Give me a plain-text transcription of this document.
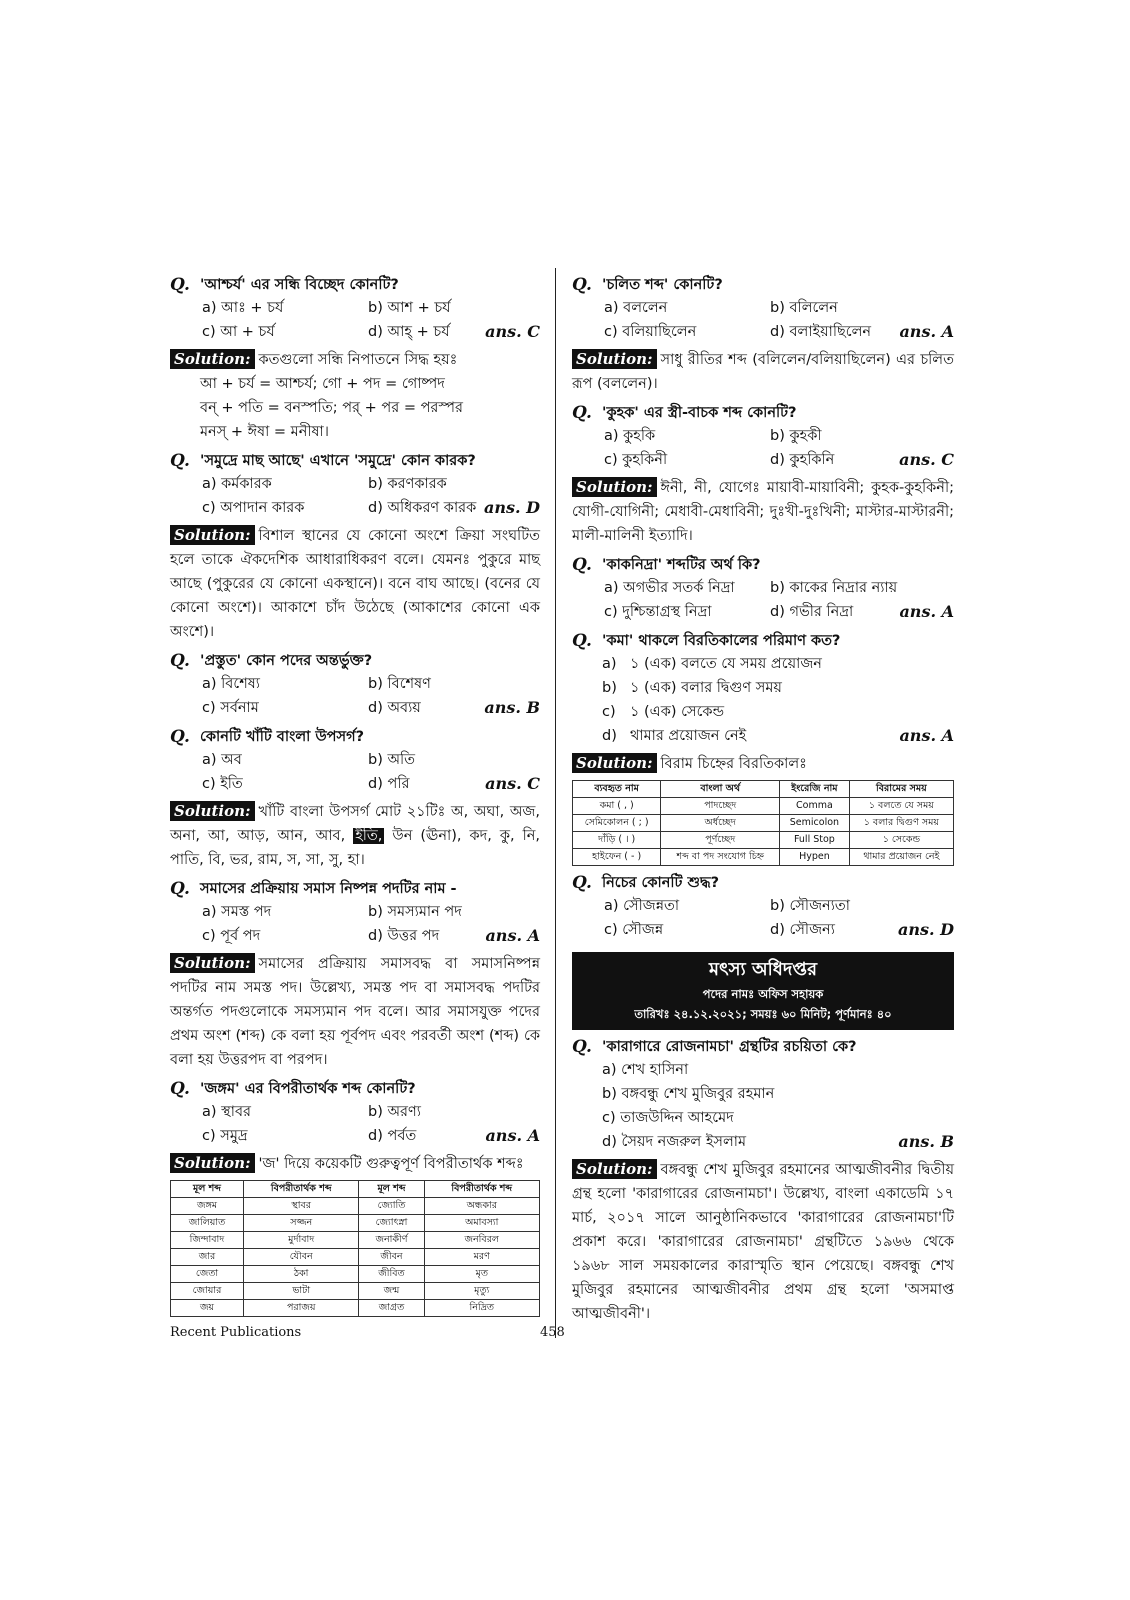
Q. 'আশ্চর্য' এর সন্ধি বিচ্ছেদ কোনটি?
a) আঃ + চর্য	b) আশ + চর্য
c) আ + চর্য	d) আহ্‌ + চর্য	ans. C
Solution: কতগুলো সন্ধি নিপাতনে সিদ্ধ হয়ঃ
আ + চর্য = আশ্চর্য; গো + পদ = গোষ্পদ
বন্‌ + পতি = বনস্পতি; পর্‌ + পর = পরস্পর
মনস্‌ + ঈষা = মনীষা।
Q. 'সমুদ্রে মাছ আছে' এখানে 'সমুদ্রে' কোন কারক?
a) কর্মকারক	b) করণকারক
c) অপাদান কারক	d) অধিকরণ কারক ans. D
Solution: বিশাল স্থানের যে কোনো অংশে ক্রিয়া সংঘটিত হলে তাকে ঐকদেশিক আধারাধিকরণ বলে। যেমনঃ পুকুরে মাছ আছে (পুকুরের যে কোনো একস্থানে)। বনে বাঘ আছে। (বনের যে কোনো অংশে)। আকাশে চাঁদ উঠেছে (আকাশের কোনো এক অংশে)।
Q. 'প্রস্তুত' কোন পদের অন্তর্ভুক্ত?
a) বিশেষ্য	b) বিশেষণ
c) সর্বনাম	d) অব্যয়	ans. B
Q. কোনটি খাঁটি বাংলা উপসর্গ?
a) অব	b) অতি
c) ইতি	d) পরি	ans. C
Solution: খাঁটি বাংলা উপসর্গ মোট ২১টিঃ অ, অঘা, অজ, অনা, আ, আড়, আন, আব, ইতি, উন (ঊনা), কদ, কু, নি, পাতি, বি, ভর, রাম, স, সা, সু, হা।
Q. সমাসের প্রক্রিয়ায় সমাস নিষ্পন্ন পদটির নাম -
a) সমস্ত পদ	b) সমস্যমান পদ
c) পূর্ব পদ	d) উত্তর পদ	ans. A
Solution: সমাসের প্রক্রিয়ায় সমাসবদ্ধ বা সমাসনিষ্পন্ন পদটির নাম সমস্ত পদ। উল্লেখ্য, সমস্ত পদ বা সমাসবদ্ধ পদটির অন্তর্গত পদগুলোকে সমস্যমান পদ বলে। আর সমাসযুক্ত পদের প্রথম অংশ (শব্দ) কে বলা হয় পূর্বপদ এবং পরবর্তী অংশ (শব্দ) কে বলা হয় উত্তরপদ বা পরপদ।
Q. 'জঙ্গম' এর বিপরীতার্থক শব্দ কোনটি?
a) স্থাবর	b) অরণ্য
c) সমুদ্র	d) পর্বত	ans. A
Solution: 'জ' দিয়ে কয়েকটি গুরুত্বপূর্ণ বিপরীতার্থক শব্দঃ
মূল শব্দ	বিপরীতার্থক শব্দ	মূল শব্দ	বিপরীতার্থক শব্দ
জঙ্গম	স্থাবর	জ্যোতি	অন্ধকার
জালিয়াত	সজ্জন	জ্যোৎস্না	অমাবস্যা
জিন্দাবাদ	মুর্দাবাদ	জনাকীর্ণ	জনবিরল
জার	যৌবন	জীবন	মরণ
জেতা	ঠকা	জীবিত	মৃত
জোয়ার	ভাটা	জন্ম	মৃত্যু
জয়	পরাজয়	জাগ্রত	নিদ্রিত
Q. 'চলিত শব্দ' কোনটি?
a) বললেন	b) বলিলেন
c) বলিয়াছিলেন	d) বলাইয়াছিলেন	ans. A
Solution: সাধু রীতির শব্দ (বলিলেন/বলিয়াছিলেন) এর চলিত রূপ (বললেন)।
Q. 'কুহক' এর স্ত্রী-বাচক শব্দ কোনটি?
a) কুহকি	b) কুহকী
c) কুহকিনী	d) কুহকিনি	ans. C
Solution: ঈনী, নী, যোগেঃ মায়াবী-মায়াবিনী; কুহক-কুহকিনী; যোগী-যোগিনী; মেধাবী-মেধাবিনী; দুঃখী-দুঃখিনী; মাস্টার-মাস্টারনী; মালী-মালিনী ইত্যাদি।
Q. 'কাকনিদ্রা' শব্দটির অর্থ কি?
a) অগভীর সতর্ক নিদ্রা	b) কাকের নিদ্রার ন্যায়
c) দুশ্চিন্তাগ্রস্থ নিদ্রা	d) গভীর নিদ্রা	ans. A
Q. 'কমা' থাকলে বিরতিকালের পরিমাণ কত?
a) ১ (এক) বলতে যে সময় প্রয়োজন
b) ১ (এক) বলার দ্বিগুণ সময়
c) ১ (এক) সেকেন্ড
d) থামার প্রয়োজন নেই	ans. A
Solution: বিরাম চিহ্নের বিরতিকালঃ
ব্যবহৃত নাম	বাংলা অর্থ	ইংরেজি নাম	বিরামের সময়
কমা ( , )	পাদচ্ছেদ	Comma	১ বলতে যে সময়
সেমিকোলন ( ; )	অর্ধচ্ছেদ	Semicolon	১ বলার দ্বিগুণ সময়
দাঁড়ি ( । )	পূর্ণচ্ছেদ	Full Stop	১ সেকেন্ড
হাইফেন ( - )	শব্দ বা পদ সংযোগ চিহ্ন	Hypen	থামার প্রয়োজন নেই
Q. নিচের কোনটি শুদ্ধ?
a) সৌজন্নতা	b) সৌজন্যতা
c) সৌজন্ন	d) সৌজন্য	ans. D
মৎস্য অধিদপ্তর
পদের নামঃ অফিস সহায়ক
তারিখঃ ২৪.১২.২০২১; সময়ঃ ৬০ মিনিট; পূর্ণমানঃ ৪০
Q. 'কারাগারে রোজনামচা' গ্রন্থটির রচয়িতা কে?
a) শেখ হাসিনা
b) বঙ্গবন্ধু শেখ মুজিবুর রহমান
c) তাজউদ্দিন আহমেদ
d) সৈয়দ নজরুল ইসলাম	ans. B
Solution: বঙ্গবন্ধু শেখ মুজিবুর রহমানের আত্মজীবনীর দ্বিতীয় গ্রন্থ হলো 'কারাগারের রোজনামচা'। উল্লেখ্য, বাংলা একাডেমি ১৭ মার্চ, ২০১৭ সালে আনুষ্ঠানিকভাবে 'কারাগারের রোজনামচা'টি প্রকাশ করে। 'কারাগারের রোজনামচা' গ্রন্থটিতে ১৯৬৬ থেকে ১৯৬৮ সাল সময়কালের কারাস্মৃতি স্থান পেয়েছে। বঙ্গবন্ধু শেখ মুজিবুর রহমানের আত্মজীবনীর প্রথম গ্রন্থ হলো 'অসমাপ্ত আত্মজীবনী'।
Recent Publications	458
